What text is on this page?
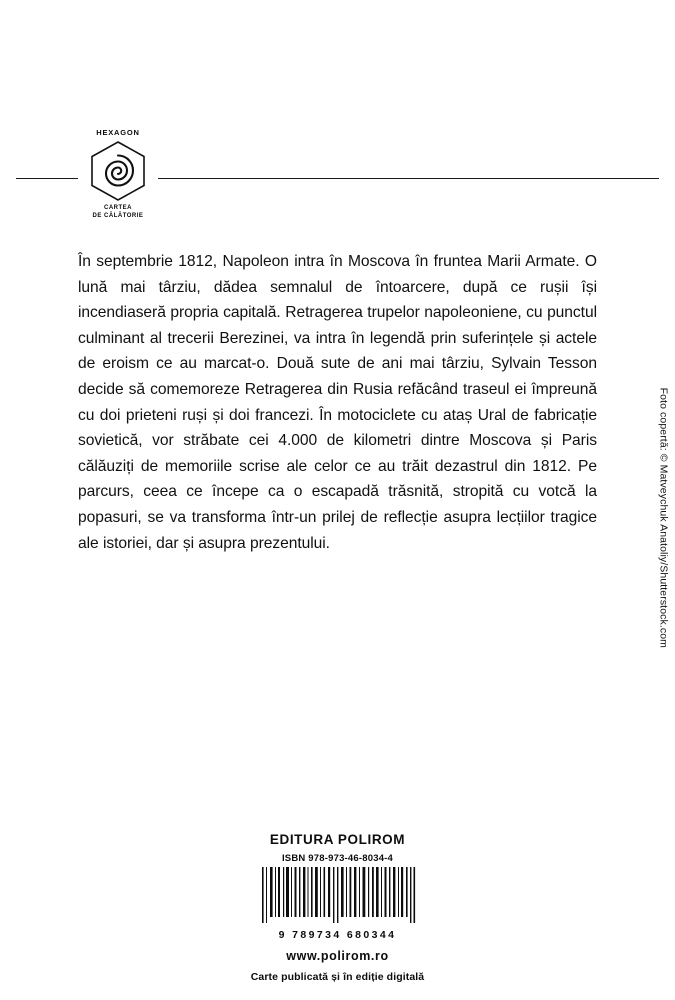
HEXAGON
CARTEA
DE CĂLĂTORIE
În septembrie 1812, Napoleon intra în Moscova în fruntea Marii Armate. O lună mai târziu, dădea semnalul de întoarcere, după ce rușii își incendiaseră propria capitală. Retragerea trupelor napoleoniene, cu punctul culminant al trecerii Berezinei, va intra în legendă prin suferințele și actele de eroism ce au marcat-o. Două sute de ani mai târziu, Sylvain Tesson decide să comemoreze Retragerea din Rusia refăcând traseul ei împreună cu doi prieteni ruși și doi francezi. În motociclete cu ataș Ural de fabricație sovietică, vor străbate cei 4.000 de kilometri dintre Moscova și Paris călăuziți de memoriile scrise ale celor ce au trăit dezastrul din 1812. Pe parcurs, ceea ce începe ca o escapadă trăsnită, stropită cu votcă la popasuri, se va transforma într-un prilej de reflecție asupra lecțiilor tragice ale istoriei, dar și asupra prezentului.
EDITURA POLIROM
ISBN 978-973-46-8034-4
9 789734 680344
www.polirom.ro
Carte publicată și în ediție digitală
Foto copertă: © Matveychuk Anatoliy/Shutterstock.com
